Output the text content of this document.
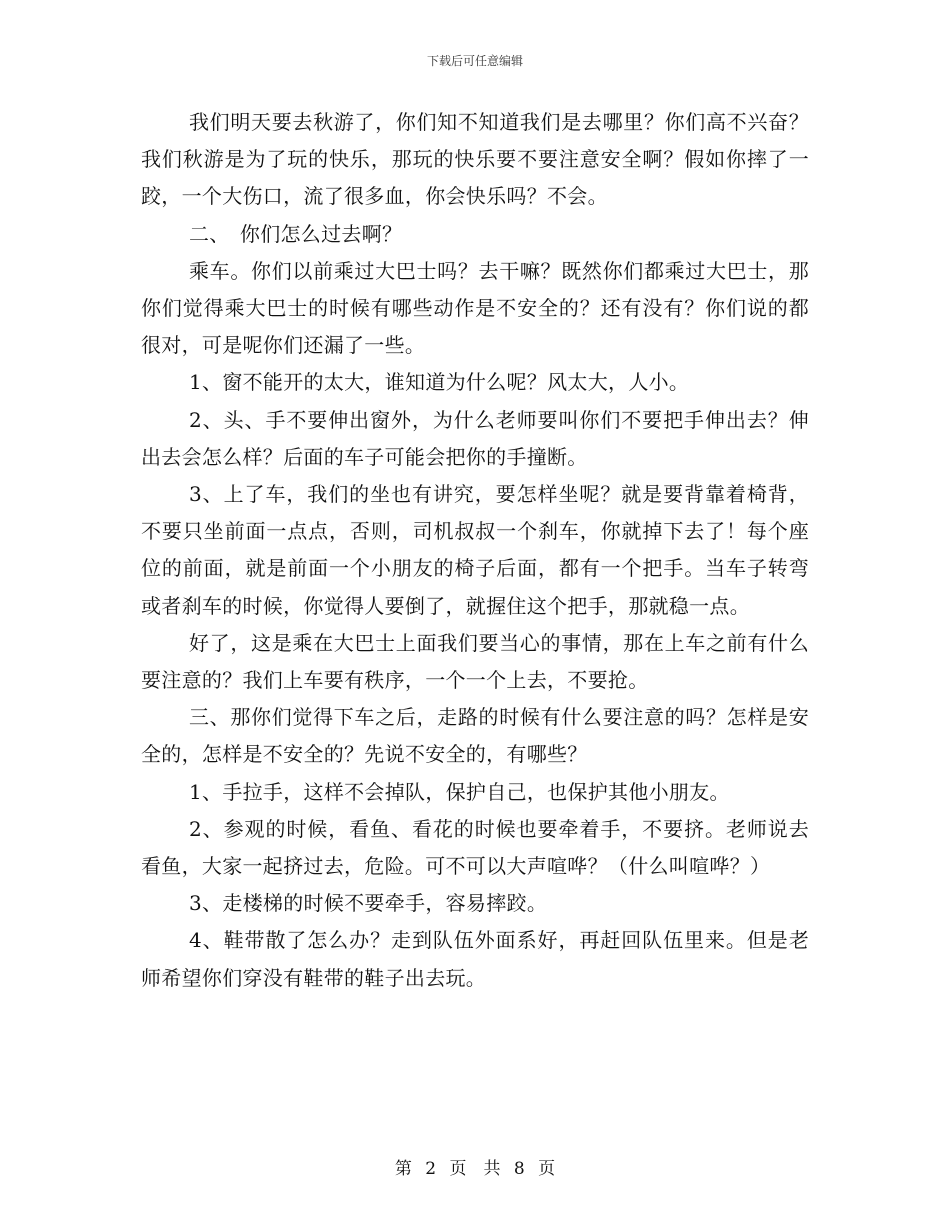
下载后可任意编辑

我们明天要去秋游了，你们知不知道我们是去哪里？你们高不兴奋？我们秋游是为了玩的快乐，那玩的快乐要不要注意安全啊？假如你摔了一跤，一个大伤口，流了很多血，你会快乐吗？不会。

二、　你们怎么过去啊？

乘车。你们以前乘过大巴士吗？去干嘛？既然你们都乘过大巴士，那你们觉得乘大巴士的时候有哪些动作是不安全的？还有没有？你们说的都很对，可是呢你们还漏了一些。

1、窗不能开的太大，谁知道为什么呢？风太大，人小。

2、头、手不要伸出窗外，为什么老师要叫你们不要把手伸出去？伸出去会怎么样？后面的车子可能会把你的手撞断。

3、上了车，我们的坐也有讲究，要怎样坐呢？就是要背靠着椅背，不要只坐前面一点点，否则，司机叔叔一个刹车，你就掉下去了！每个座位的前面，就是前面一个小朋友的椅子后面，都有一个把手。当车子转弯或者刹车的时候，你觉得人要倒了，就握住这个把手，那就稳一点。

好了，这是乘在大巴士上面我们要当心的事情，那在上车之前有什么要注意的？我们上车要有秩序，一个一个上去，不要抢。

三、那你们觉得下车之后，走路的时候有什么要注意的吗？怎样是安全的，怎样是不安全的？先说不安全的，有哪些？

1、手拉手，这样不会掉队，保护自己，也保护其他小朋友。

2、参观的时候，看鱼、看花的时候也要牵着手，不要挤。老师说去看鱼，大家一起挤过去，危险。可不可以大声喧哗？（什么叫喧哗？）

3、走楼梯的时候不要牵手，容易摔跤。

4、鞋带散了怎么办？走到队伍外面系好，再赶回队伍里来。但是老师希望你们穿没有鞋带的鞋子出去玩。

第 2 页　共 8 页
